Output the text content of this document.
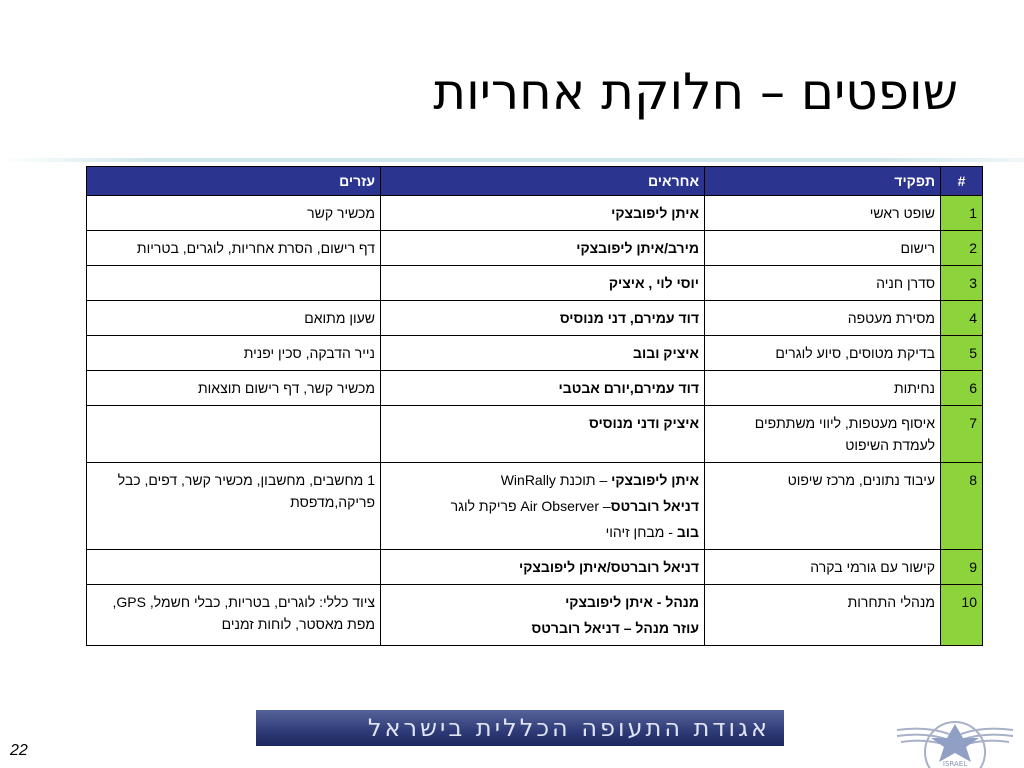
שופטים – חלוקת אחריות
#	תפקיד	אחראים	עזרים
1	שופט ראשי	איתן ליפובצקי	מכשיר קשר
2	רישום	מירב/איתן ליפובצקי	דף רישום, הסרת אחריות, לוגרים, בטריות
3	סדרן חניה	יוסי לוי , איציק	

4	מסירת מעטפה	דוד עמירם, דני מנוסיס	שעון מתואם
5	בדיקת מטוסים, סיוע לוגרים	איציק ובוב	נייר הדבקה, סכין יפנית
6	נחיתות	דוד עמירם,יורם אבטבי	מכשיר קשר, דף רישום תוצאות
7	איסוף מעטפות, ליווי משתתפים לעמדת השיפוט	איציק ודני מנוסיס	

8	עיבוד נתונים, מרכז שיפוט	איתן ליפובצקי – תוכנת WinRally
דניאל רוברטס– Air Observer פריקת לוגר
בוב - מבחן זיהוי	1 מחשבים, מחשבון, מכשיר קשר, דפים, כבל פריקה,מדפסת
9	קישור עם גורמי בקרה	דניאל רוברטס/איתן ליפובצקי	

10	מנהלי התחרות	מנהל - איתן ליפובצקי
עוזר מנהל – דניאל רוברטס	ציוד כללי: לוגרים, בטריות, כבלי חשמל, GPS, מפת מאסטר, לוחות זמנים
אגודת התעופה הכללית בישראל
22
ISRAEL
